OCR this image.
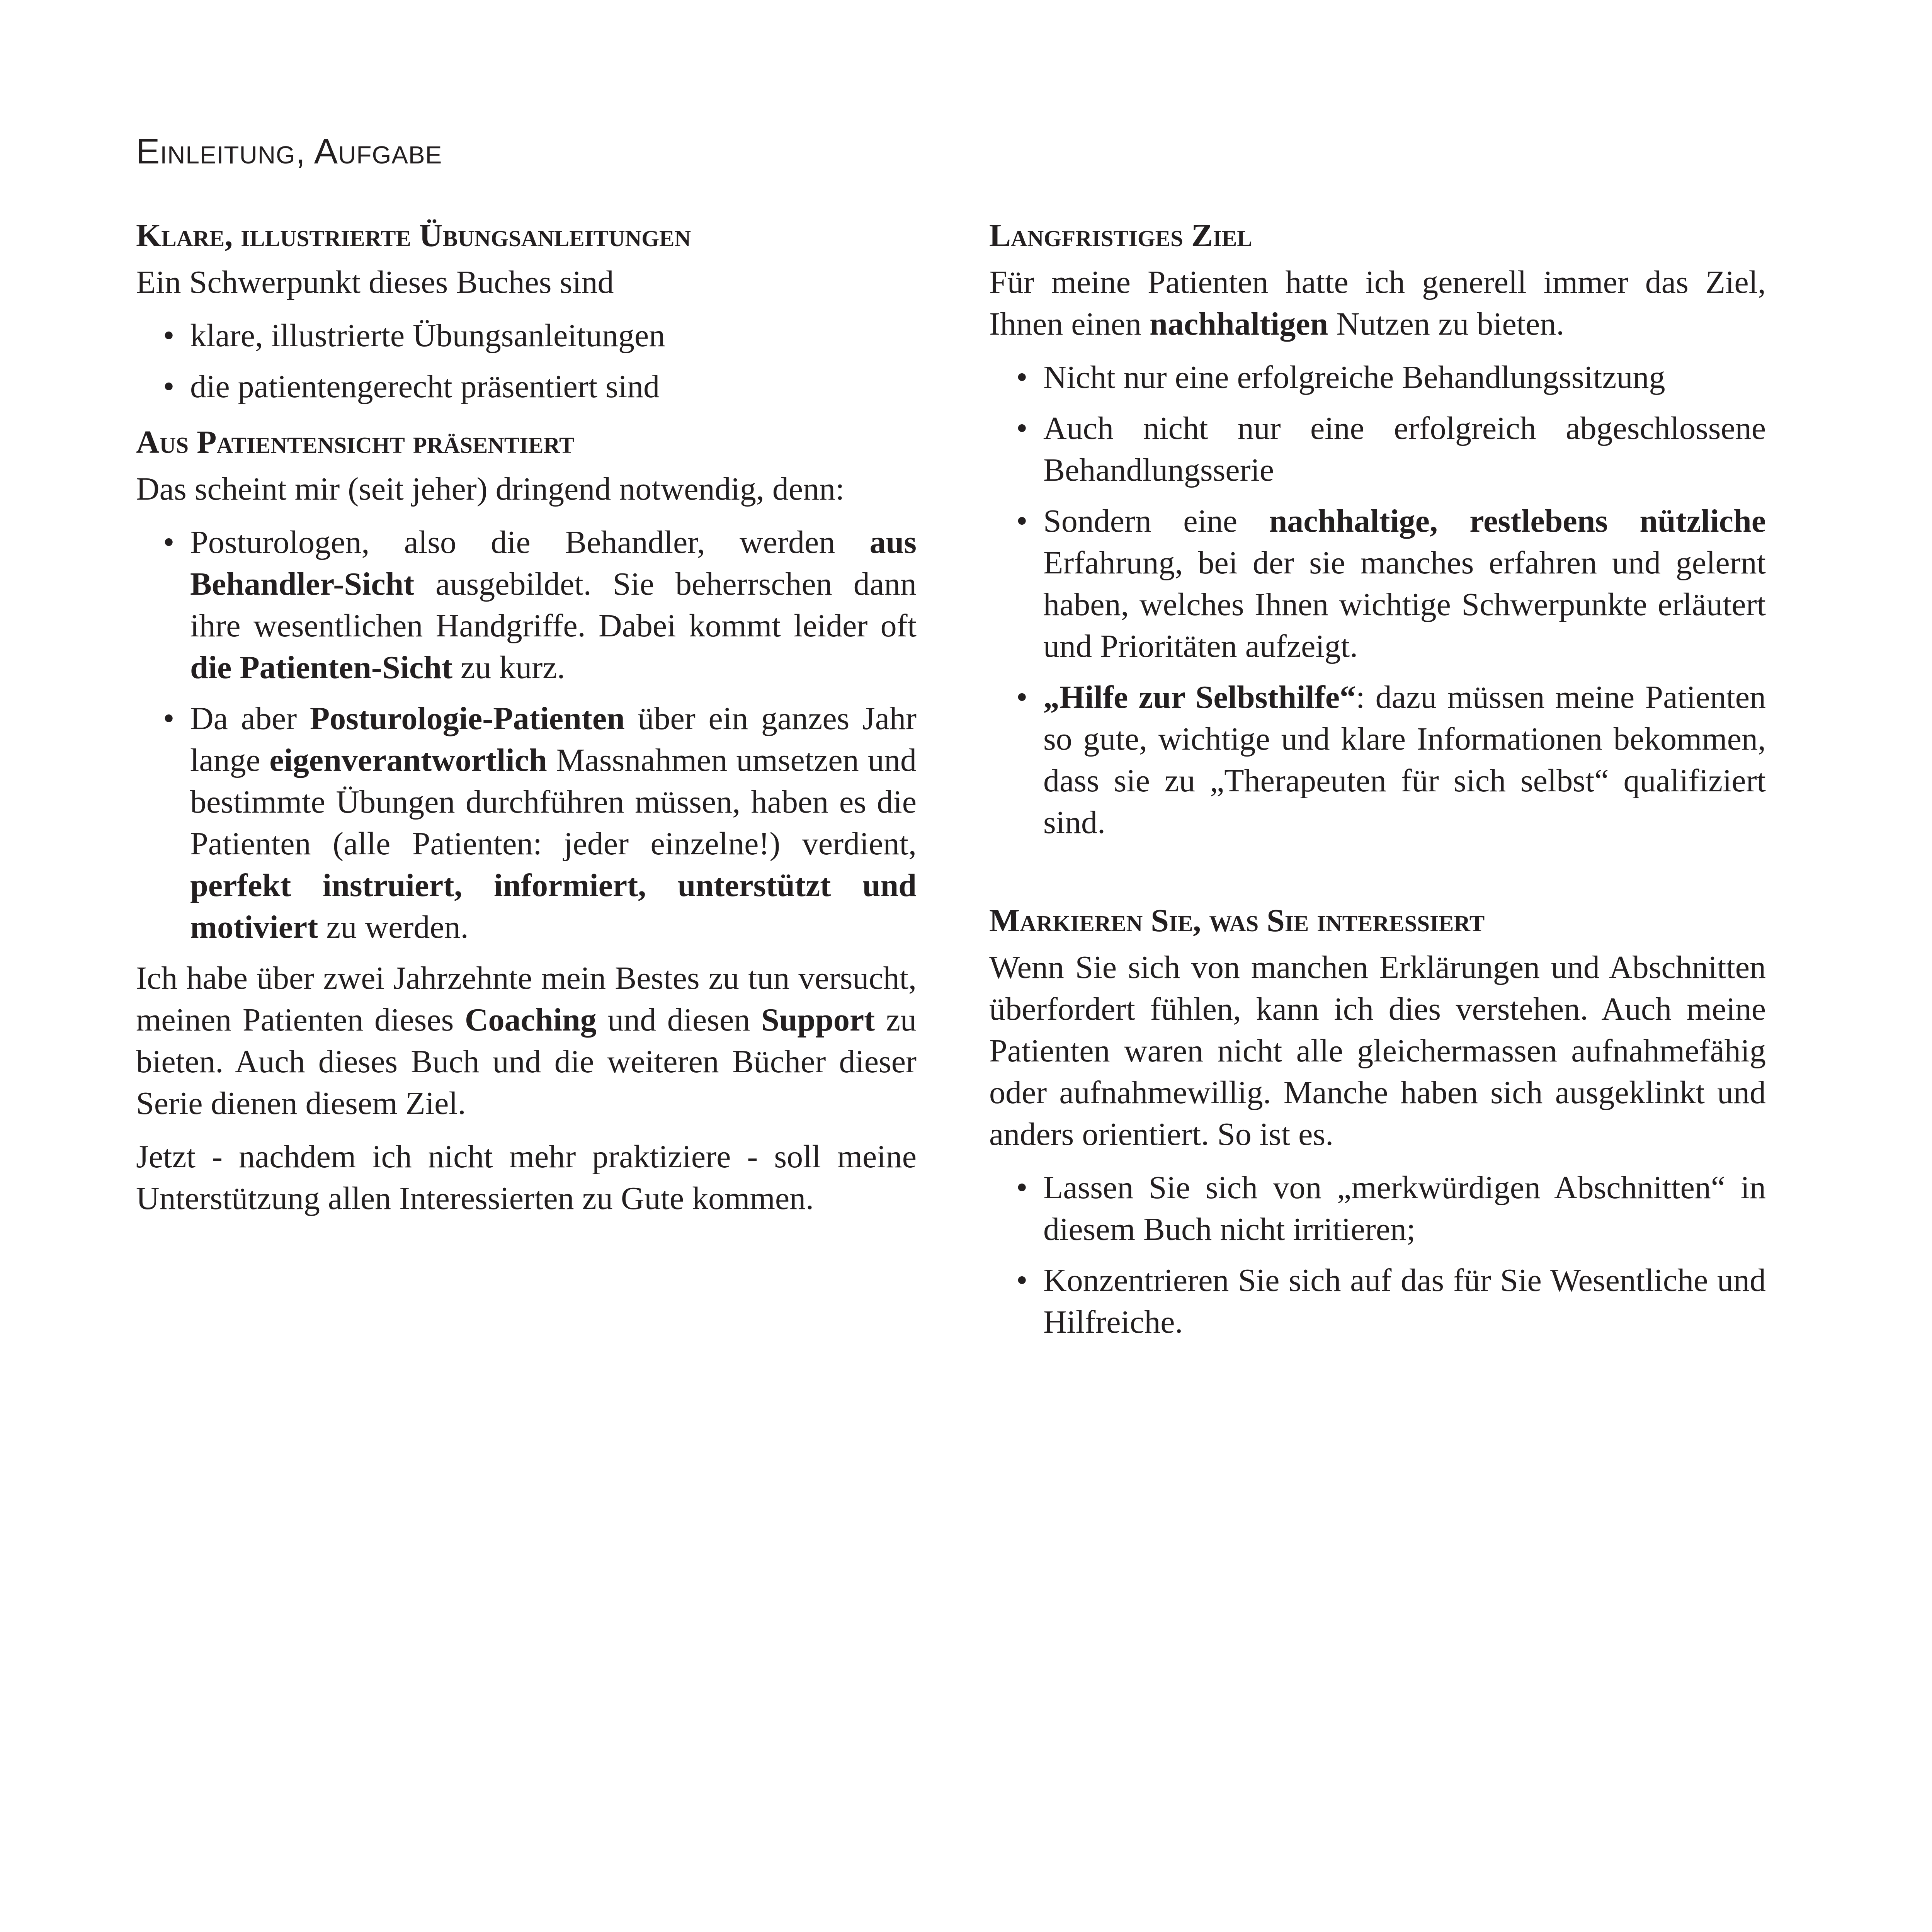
Einleitung, Aufgabe
Klare, illustrierte Übungsanleitungen

Ein Schwerpunkt dieses Buches sind

• klare, illustrierte Übungsanleitungen
• die patientengerecht präsentiert sind
Aus Patientensicht präsentiert

Das scheint mir (seit jeher) dringend notwendig, denn:

• Posturologen, also die Behandler, werden aus Behandler-Sicht ausgebildet. Sie beherrschen dann ihre wesentlichen Handgriffe. Dabei kommt leider oft die Patienten-Sicht zu kurz.
• Da aber Posturologie-Patienten über ein ganzes Jahr lange eigenverantwortlich Massnahmen umsetzen und bestimmte Übungen durchführen müssen, haben es die Patienten (alle Patienten: jeder einzelne!) verdient, perfekt instruiert, informiert, unterstützt und motiviert zu werden.

Ich habe über zwei Jahrzehnte mein Bestes zu tun versucht, meinen Patienten dieses Coaching und diesen Support zu bieten. Auch dieses Buch und die weiteren Bücher dieser Serie dienen diesem Ziel.

Jetzt - nachdem ich nicht mehr praktiziere - soll meine Unterstützung allen Interessierten zu Gute kommen.

Langfristiges Ziel

Für meine Patienten hatte ich generell immer das Ziel, Ihnen einen nachhaltigen Nutzen zu bieten.

• Nicht nur eine erfolgreiche Behandlungssitzung
• Auch nicht nur eine erfolgreich abgeschlossene Behandlungsserie
• Sondern eine nachhaltige, restlebens nützliche Erfahrung, bei der sie manches erfahren und gelernt haben, welches Ihnen wichtige Schwerpunkte erläutert und Prioritäten aufzeigt.
• „Hilfe zur Selbsthilfe“: dazu müssen meine Patienten so gute, wichtige und klare Informationen bekommen, dass sie zu „Therapeuten für sich selbst“ qualifiziert sind.
Markieren Sie, was Sie interessiert

Wenn Sie sich von manchen Erklärungen und Abschnitten überfordert fühlen, kann ich dies verstehen. Auch meine Patienten waren nicht alle gleichermassen aufnahmefähig oder aufnahmewillig. Manche haben sich ausgeklinkt und anders orientiert. So ist es.

• Lassen Sie sich von „merkwürdigen Abschnitten“ in diesem Buch nicht irritieren;
• Konzentrieren Sie sich auf das für Sie Wesentliche und Hilfreiche.
